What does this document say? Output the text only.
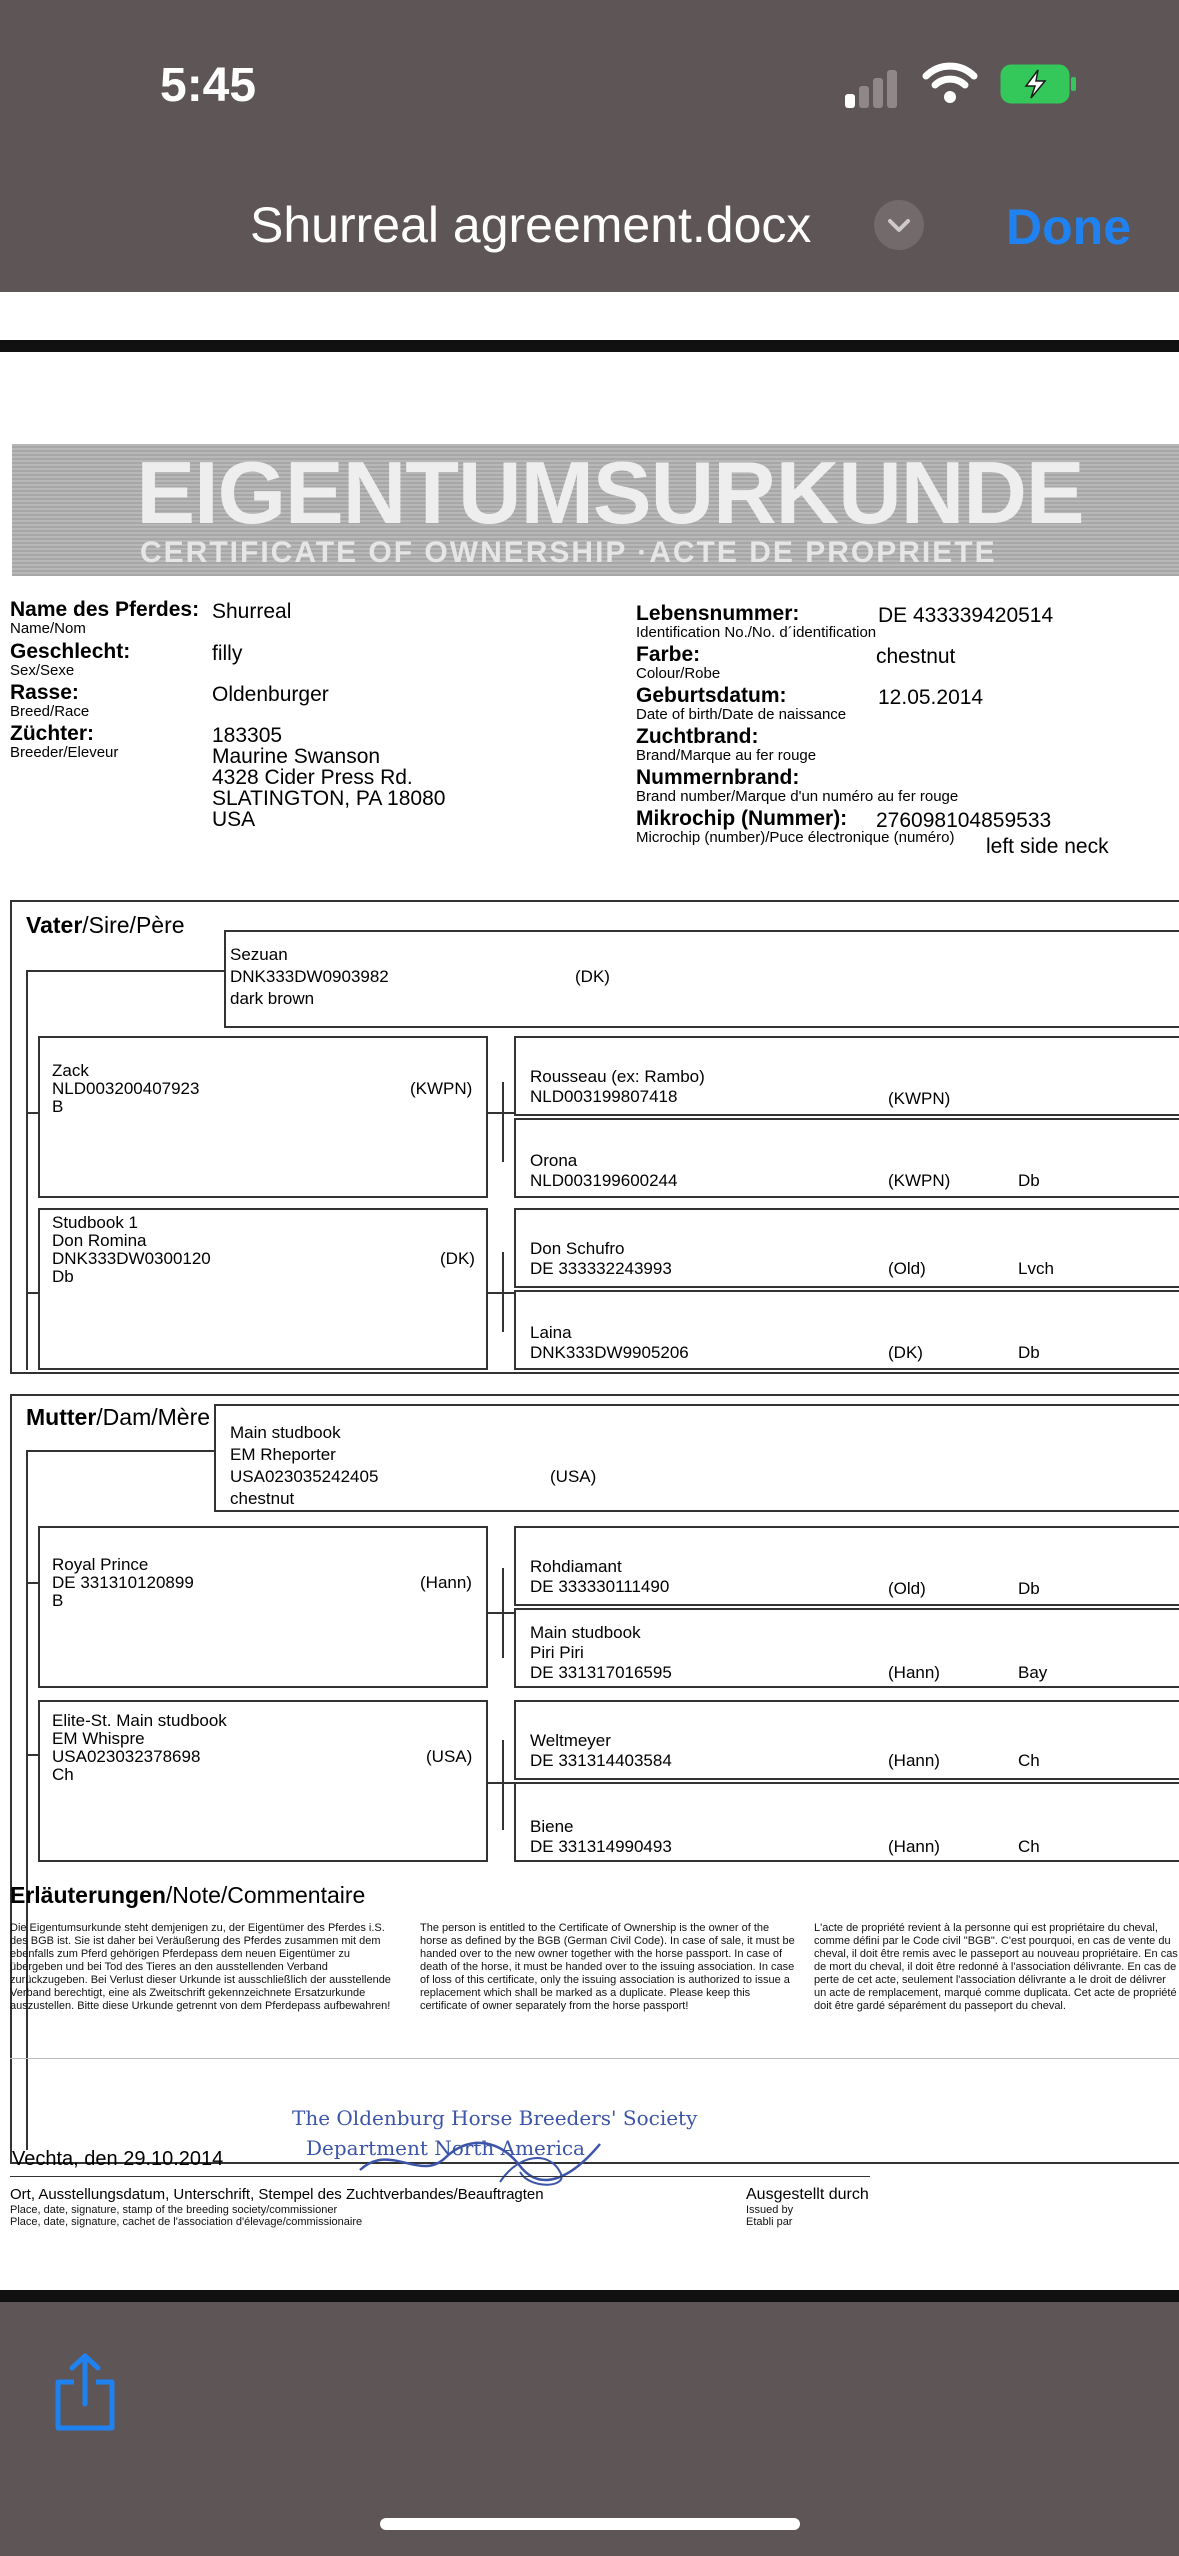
5:45
Shurreal agreement.docx	Done
EIGENTUMSURKUNDE
CERTIFICATE OF OWNERSHIP ·ACTE DE PROPRIETE
Name des Pferdes:
Name/Nom
Shurreal
Geschlecht:
Sex/Sexe
filly
Rasse:
Breed/Race
Oldenburger
Züchter:
Breeder/Eleveur
183305
Maurine Swanson
4328 Cider Press Rd.
SLATINGTON, PA 18080
USA
Lebensnummer:
Identification No./No. d´identification
DE 433339420514
Farbe:
Colour/Robe
chestnut
Geburtsdatum:
Date of birth/Date de naissance
12.05.2014
Zuchtbrand:
Brand/Marque au fer rouge
Nummernbrand:
Brand number/Marque d'un numéro au fer rouge
Mikrochip (Nummer):
Microchip (number)/Puce électronique (numéro)
276098104859533
left side neck
Vater/Sire/Père
Sezuan
DNK333DW0903982
dark brown
(DK)
Zack
NLD003200407923
B
(KWPN)
Studbook 1
Don Romina
DNK333DW0300120
Db
(DK)
Rousseau (ex: Rambo)
NLD003199807418	(KWPN)
Orona
NLD003199600244	(KWPN)	Db
Don Schufro
DE 333332243993	(Old)	Lvch
Laina
DNK333DW9905206	(DK)	Db
Mutter/Dam/Mère
Main studbook
EM Rheporter
USA023035242405
chestnut
(USA)
Royal Prince
DE 331310120899
B
(Hann)
Elite-St. Main studbook
EM Whispre
USA023032378698
Ch
(USA)
Rohdiamant
DE 333330111490	(Old)	Db
Main studbook
Piri Piri
DE 331317016595	(Hann)	Bay
Weltmeyer
DE 331314403584	(Hann)	Ch
Biene
DE 331314990493	(Hann)	Ch
Erläuterungen/Note/Commentaire
Die Eigentumsurkunde steht demjenigen zu, der Eigentümer des Pferdes i.S. des BGB ist. Sie ist daher bei Veräußerung des Pferdes zusammen mit dem ebenfalls zum Pferd gehörigen Pferdepass dem neuen Eigentümer zu übergeben und bei Tod des Tieres an den ausstellenden Verband zurückzugeben. Bei Verlust dieser Urkunde ist ausschließlich der ausstellende Verband berechtigt, eine als Zweitschrift gekennzeichnete Ersatzurkunde auszustellen. Bitte diese Urkunde getrennt von dem Pferdepass aufbewahren!
The person is entitled to the Certificate of Ownership is the owner of the horse as defined by the BGB (German Civil Code). In case of sale, it must be handed over to the new owner together with the horse passport. In case of death of the horse, it must be handed over to the issuing association. In case of loss of this certificate, only the issuing association is authorized to issue a replacement which shall be marked as a duplicate. Please keep this certificate of owner separately from the horse passport!
L'acte de propriété revient à la personne qui est propriétaire du cheval, comme défini par le Code civil "BGB". C'est pourquoi, en cas de vente du cheval, il doit être remis avec le passeport au nouveau propriétaire. En cas de mort du cheval, il doit être redonné à l'association délivrante. En cas de perte de cet acte, seulement l'association délivrante a le droit de délivrer un acte de remplacement, marqué comme duplicata. Cet acte de propriété doit être gardé séparément du passeport du cheval.
The Oldenburg Horse Breeders' Society
Department North America
Vechta, den 29.10.2014
Ort, Ausstellungsdatum, Unterschrift, Stempel des Zuchtverbandes/Beauftragten
Place, date, signature, stamp of the breeding society/commissioner
Place, date, signature, cachet de l'association d'élevage/commissionaire
Ausgestellt durch
Issued by
Etabli par
